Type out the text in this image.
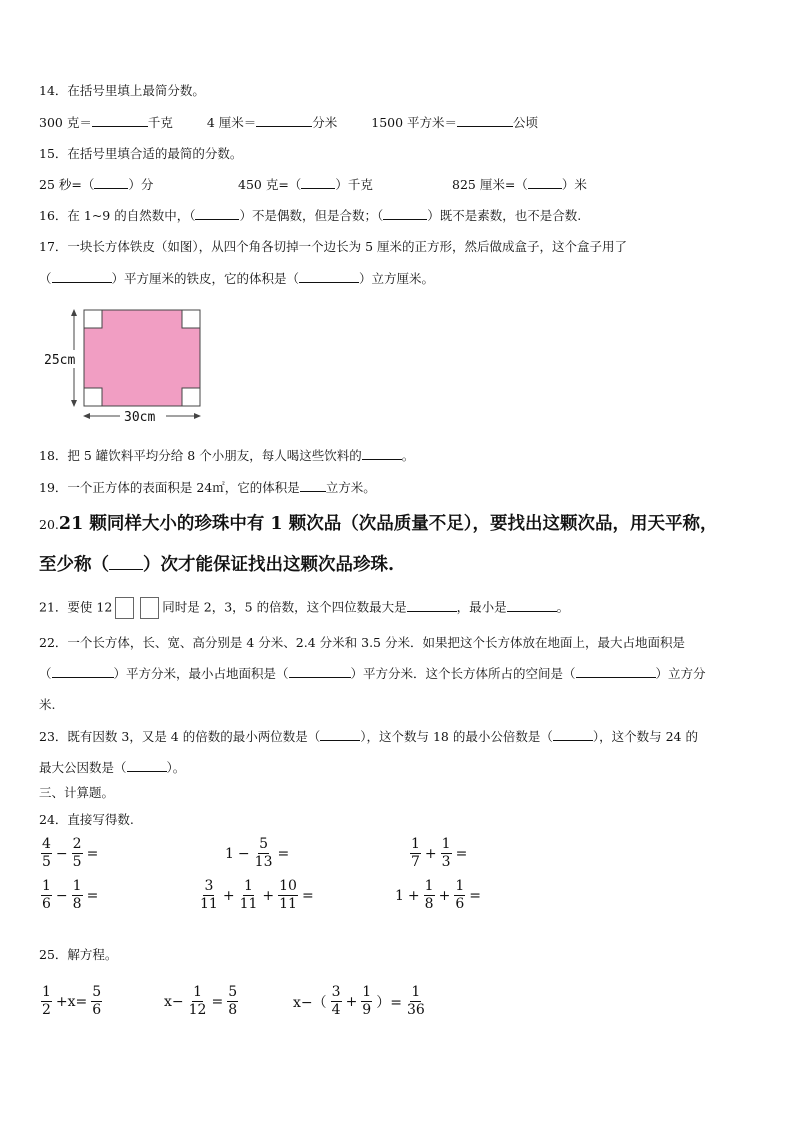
14．在括号里填上最简分数。
300 克＝	千克	4 厘米＝	分米	1500 平方米＝	公顷
15．在括号里填合适的最简的分数。
25 秒=（	）分	450 克=（	）千克	825 厘米=（	）米
16．在 1~9 的自然数中，（	）不是偶数，但是合数；（	）既不是素数，也不是合数.
17．一块长方体铁皮（如图），从四个角各切掉一个边长为 5 厘米的正方形，然后做成盒子，这个盒子用了
（	）平方厘米的铁皮，它的体积是（	）立方厘米。
25cm
30cm
18．把 5 罐饮料平均分给 8 个小朋友，每人喝这些饮料的	。
19．一个正方体的表面积是 24㎡，它的体积是 立方米。
20.21 颗同样大小的珍珠中有 1 颗次品（次品质量不足），要找出这颗次品，用天平称，
至少称（ ）次才能保证找出这颗次品珍珠.
21．要使 12	同时是 2，3，5 的倍数，这个四位数最大是	，最小是	。
22．一个长方体，长、宽、高分别是 4 分米、2.4 分米和 3.5 分米．如果把这个长方体放在地面上，最大占地面积是
（	）平方分米，最小占地面积是（	）平方分米．这个长方体所占的空间是（	）立方分
米.
23．既有因数 3，又是 4 的倍数的最小两位数是（	），这个数与 18 的最小公倍数是（	），这个数与 24 的
最大公因数是（	）。
三、计算题。
24．直接写得数.
$\frac{4}{5} - \frac{2}{5}$ =	$1 - \frac{5}{13}$ =	$\frac{1}{7} + \frac{1}{3}$ =
$\frac{1}{6} - \frac{1}{8}$ =	$\frac{3}{11} + \frac{1}{11} + \frac{10}{11}$ =	$1 + \frac{1}{8} + \frac{1}{6}$ =
25．解方程。
$\frac{1}{2} +x= \frac{5}{6}$	$x- \frac{1}{12} = \frac{5}{8}$	$x-( \frac{3}{4} + \frac{1}{9}$ ）= $\frac{1}{36}$
